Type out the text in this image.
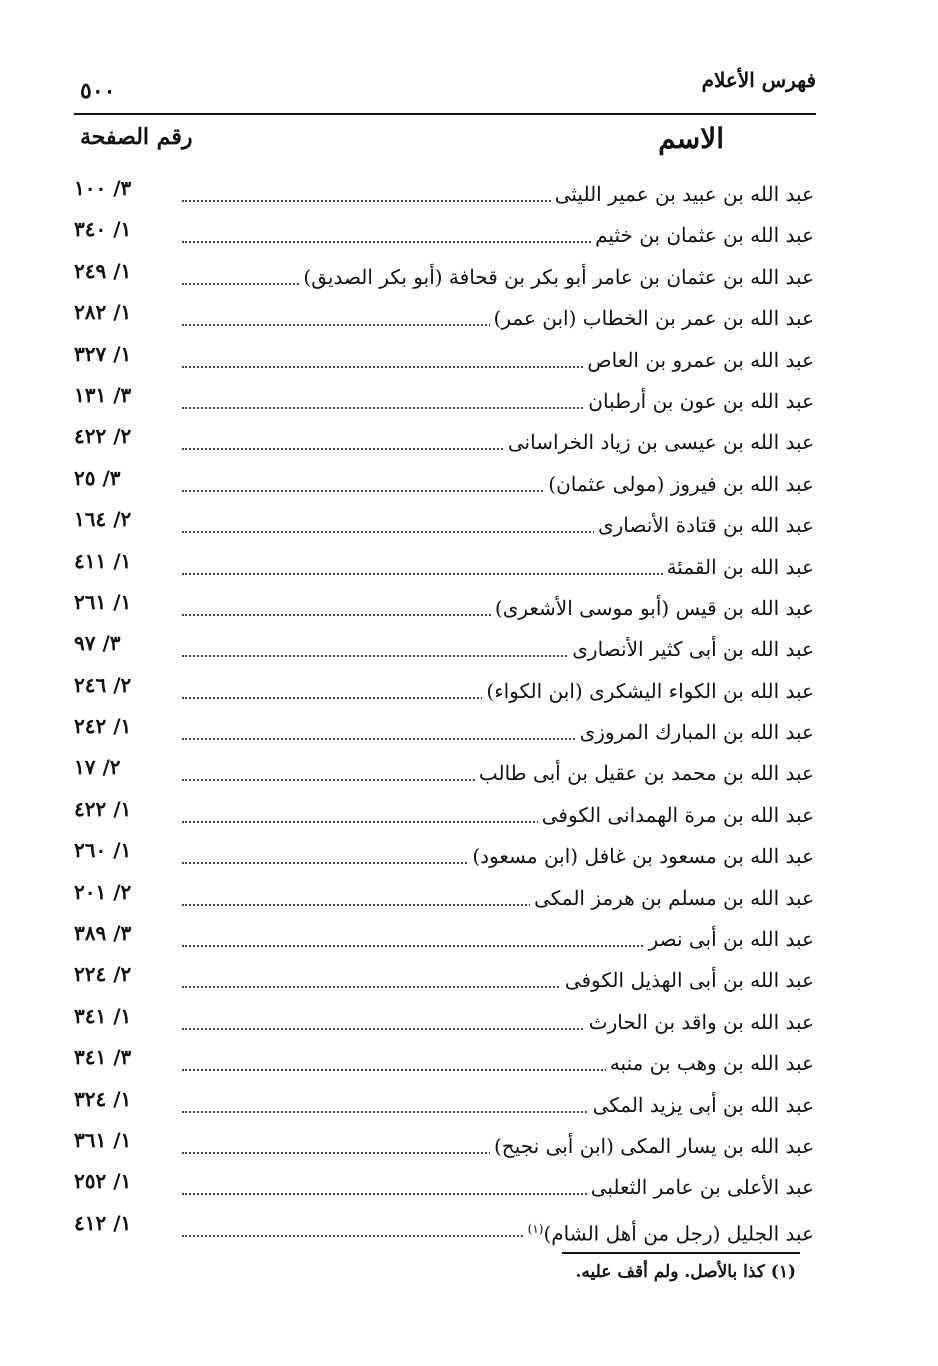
فهرس الأعلام
٥٠٠
الاسم
رقم الصفحة
عبد الله بن عبيد بن عمير الليثى
٣/ ١٠٠
عبد الله بن عثمان بن خثيم
١/ ٣٤٠
عبد الله بن عثمان بن عامر أبو بكر بن قحافة (أبو بكر الصديق)
١/ ٢٤٩
عبد الله بن عمر بن الخطاب (ابن عمر)
١/ ٢٨٢
عبد الله بن عمرو بن العاص
١/ ٣٢٧
عبد الله بن عون بن أرطبان
٣/ ١٣١
عبد الله بن عيسى بن زياد الخراسانى
٢/ ٤٢٢
عبد الله بن فيروز (مولى عثمان)
٣/ ٢٥
عبد الله بن قتادة الأنصارى
٢/ ١٦٤
عبد الله بن القمئة
١/ ٤١١
عبد الله بن قيس (أبو موسى الأشعرى)
١/ ٢٦١
عبد الله بن أبى كثير الأنصارى
٣/ ٩٧
عبد الله بن الكواء اليشكرى (ابن الكواء)
٢/ ٢٤٦
عبد الله بن المبارك المروزى
١/ ٢٤٢
عبد الله بن محمد بن عقيل بن أبى طالب
٢/ ١٧
عبد الله بن مرة الهمدانى الكوفى
١/ ٤٢٢
عبد الله بن مسعود بن غافل (ابن مسعود)
١/ ٢٦٠
عبد الله بن مسلم بن هرمز المكى
٢/ ٢٠١
عبد الله بن أبى نصر
٣/ ٣٨٩
عبد الله بن أبى الهذيل الكوفى
٢/ ٢٢٤
عبد الله بن واقد بن الحارث
١/ ٣٤١
عبد الله بن وهب بن منبه
٣/ ٣٤١
عبد الله بن أبى يزيد المكى
١/ ٣٢٤
عبد الله بن يسار المكى (ابن أبى نجيح)
١/ ٣٦١
عبد الأعلى بن عامر الثعلبى
١/ ٢٥٢
عبد الجليل (رجل من أهل الشام)$^{(١)}$
١/ ٤١٢
(١) كذا بالأصل. ولم أقف عليه.
